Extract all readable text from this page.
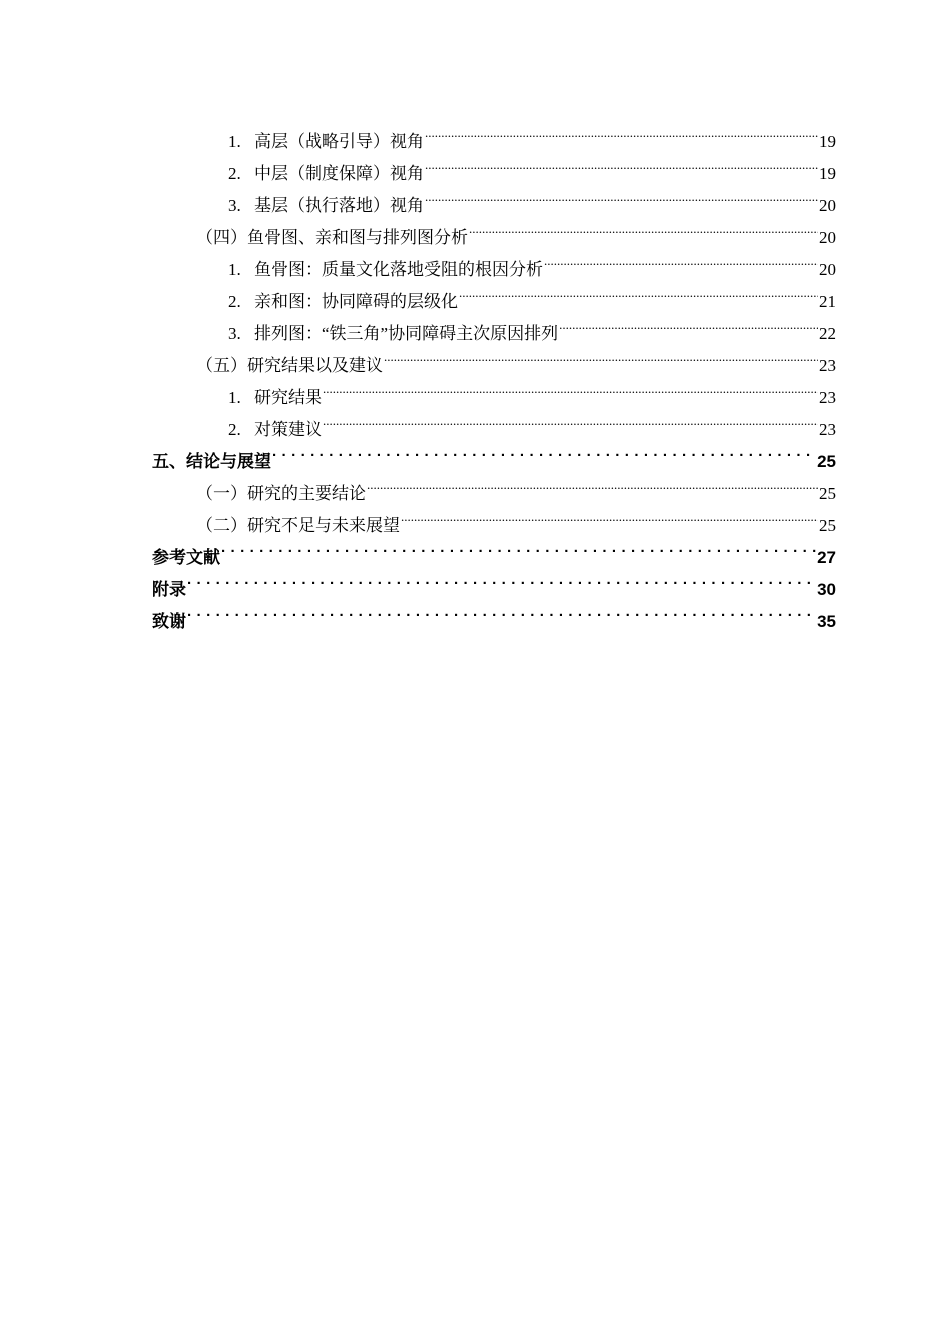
1. 高层（战略引导）视角 .....	19
2. 中层（制度保障）视角 .....	19
3. 基层（执行落地）视角 .....	20
（四）鱼骨图、亲和图与排列图分析 .....	20
1. 鱼骨图：质量文化落地受阻的根因分析 .....	20
2. 亲和图：协同障碍的层级化 .....	21
3. 排列图：“铁三角”协同障碍主次原因排列 .....	22
（五）研究结果以及建议 .....	23
1. 研究结果 .....	23
2. 对策建议 .....	23
五、结论与展望 . . .	25
（一）研究的主要结论 .....	25
（二）研究不足与未来展望 .....	25
参考文献 . . .	27
附录 . . .	30
致谢 . . .	35
